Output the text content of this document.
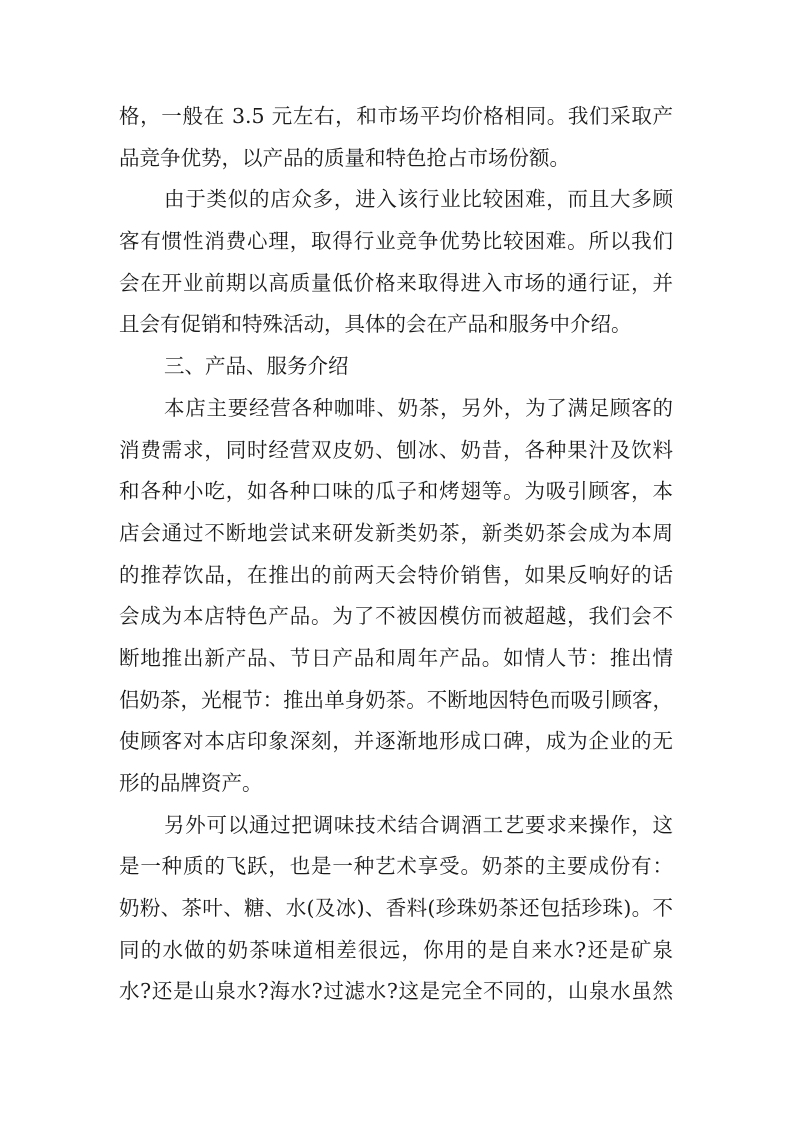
格，一般在 3.5 元左右，和市场平均价格相同。我们采取产
品竞争优势，以产品的质量和特色抢占市场份额。
由于类似的店众多，进入该行业比较困难，而且大多顾
客有惯性消费心理，取得行业竞争优势比较困难。所以我们
会在开业前期以高质量低价格来取得进入市场的通行证，并
且会有促销和特殊活动，具体的会在产品和服务中介绍。
三、产品、服务介绍
本店主要经营各种咖啡、奶茶，另外，为了满足顾客的
消费需求，同时经营双皮奶、刨冰、奶昔，各种果汁及饮料
和各种小吃，如各种口味的瓜子和烤翅等。为吸引顾客，本
店会通过不断地尝试来研发新类奶茶，新类奶茶会成为本周
的推荐饮品，在推出的前两天会特价销售，如果反响好的话
会成为本店特色产品。为了不被因模仿而被超越，我们会不
断地推出新产品、节日产品和周年产品。如情人节：推出情
侣奶茶，光棍节：推出单身奶茶。不断地因特色而吸引顾客，
使顾客对本店印象深刻，并逐渐地形成口碑，成为企业的无
形的品牌资产。
另外可以通过把调味技术结合调酒工艺要求来操作，这
是一种质的飞跃，也是一种艺术享受。奶茶的主要成份有：
奶粉、茶叶、糖、水(及冰)、香料(珍珠奶茶还包括珍珠)。不
同的水做的奶茶味道相差很远，你用的是自来水?还是矿泉
水?还是山泉水?海水?过滤水?这是完全不同的，山泉水虽然
